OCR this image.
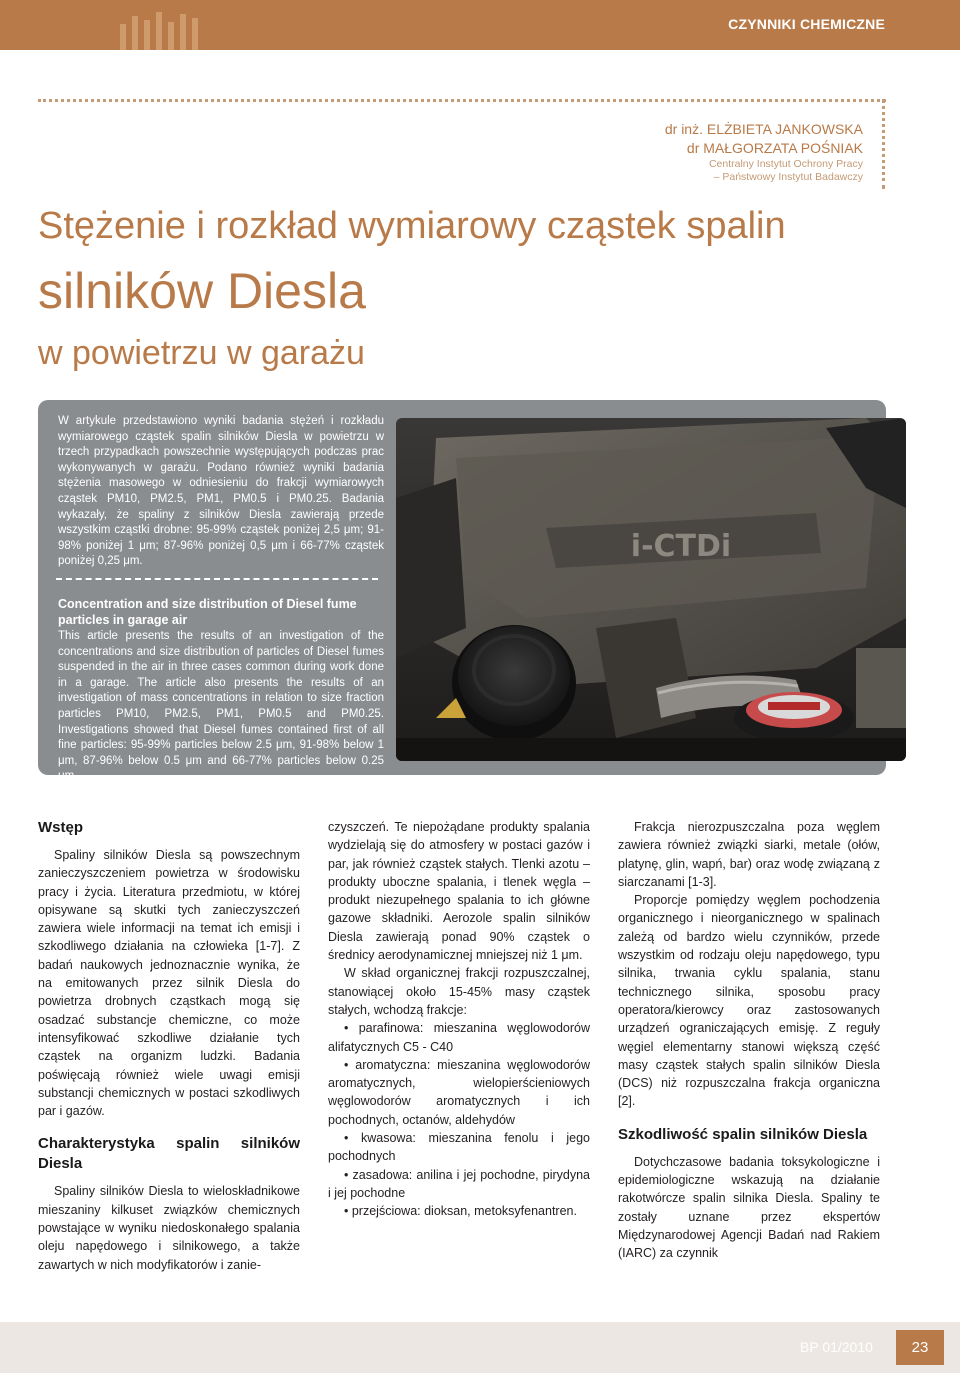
CZYNNIKI CHEMICZNE
dr inż. ELŻBIETA JANKOWSKA
dr MAŁGORZATA POŚNIAK
Centralny Instytut Ochrony Pracy
– Państwowy Instytut Badawczy
Stężenie i rozkład wymiarowy cząstek spalin
silników Diesla
w powietrzu w garażu
W artykule przedstawiono wyniki badania stężeń i rozkładu wymiarowego cząstek spalin silników Diesla w powietrzu w trzech przypadkach powszechnie występujących podczas prac wykonywanych w garażu. Podano również wyniki badania stężenia masowego w odniesieniu do frakcji wymiarowych cząstek PM10, PM2.5, PM1, PM0.5 i PM0.25. Badania wykazały, że spaliny z silników Diesla zawierają przede wszystkim cząstki drobne: 95-99% cząstek poniżej 2,5 μm; 91-98% poniżej 1 μm; 87-96% poniżej 0,5 μm i 66-77% cząstek poniżej 0,25 μm.
Concentration and size distribution of Diesel fume particles in garage air
This article presents the results of an investigation of the concentrations and size distribution of particles of Diesel fumes suspended in the air in three cases common during work done in a garage. The article also presents the results of an investigation of mass concentrations in relation to size fraction particles PM10, PM2.5, PM1, PM0.5 and PM0.25. Investigations showed that Diesel fumes contained first of all fine particles: 95-99% particles below 2.5 μm, 91-98% below 1 μm, 87-96% below 0.5 μm and 66-77% particles below 0.25 μm.
i-CTDi
Wstęp

Spaliny silników Diesla są powszechnym zanieczyszczeniem powietrza w środowisku pracy i życia. Literatura przedmiotu, w której opisywane są skutki tych zanieczyszczeń zawiera wiele informacji na temat ich emisji i szkodliwego działania na człowieka [1-7]. Z badań naukowych jednoznacznie wynika, że na emitowanych przez silnik Diesla do powietrza drobnych cząstkach mogą się osadzać substancje chemiczne, co może intensyfikować szkodliwe działanie tych cząstek na organizm ludzki. Badania poświęcają również wiele uwagi emisji substancji chemicznych w postaci szkodliwych par i gazów.

Charakterystyka spalin silników Diesla

Spaliny silników Diesla to wieloskładnikowe mieszaniny kilkuset związków chemicznych powstające w wyniku niedoskonałego spalania oleju napędowego i silnikowego, a także zawartych w nich modyfikatorów i zanie-

czyszczeń. Te niepożądane produkty spalania wydzielają się do atmosfery w postaci gazów i par, jak również cząstek stałych. Tlenki azotu – produkty uboczne spalania, i tlenek węgla – produkt niezupełnego spalania to ich główne gazowe składniki. Aerozole spalin silników Diesla zawierają ponad 90% cząstek o średnicy aerodynamicznej mniejszej niż 1 μm.

W skład organicznej frakcji rozpuszczalnej, stanowiącej około 15-45% masy cząstek stałych, wchodzą frakcje:

• parafinowa: mieszanina węglowodorów alifatycznych C5 - C40

• aromatyczna: mieszanina węglowodorów aromatycznych, wielopierścieniowych węglowodorów aromatycznych i ich pochodnych, octanów, aldehydów

• kwasowa: mieszanina fenolu i jego pochodnych

• zasadowa: anilina i jej pochodne, pirydyna i jej pochodne

• przejściowa: dioksan, metoksyfenantren.

Frakcja nierozpuszczalna poza węglem zawiera również związki siarki, metale (ołów, platynę, glin, wapń, bar) oraz wodę związaną z siarczanami [1-3].

Proporcje pomiędzy węglem pochodzenia organicznego i nieorganicznego w spalinach zależą od bardzo wielu czynników, przede wszystkim od rodzaju oleju napędowego, typu silnika, trwania cyklu spalania, stanu technicznego silnika, sposobu pracy operatora/kierowcy oraz zastosowanych urządzeń ograniczających emisję. Z reguły węgiel elementarny stanowi większą część masy cząstek stałych spalin silników Diesla (DCS) niż rozpuszczalna frakcja organiczna [2].

Szkodliwość spalin silników Diesla

Dotychczasowe badania toksykologiczne i epidemiologiczne wskazują na działanie rakotwórcze spalin silnika Diesla. Spaliny te zostały uznane przez ekspertów Międzynarodowej Agencji Badań nad Rakiem (IARC) za czynnik

BP 01/2010	23
